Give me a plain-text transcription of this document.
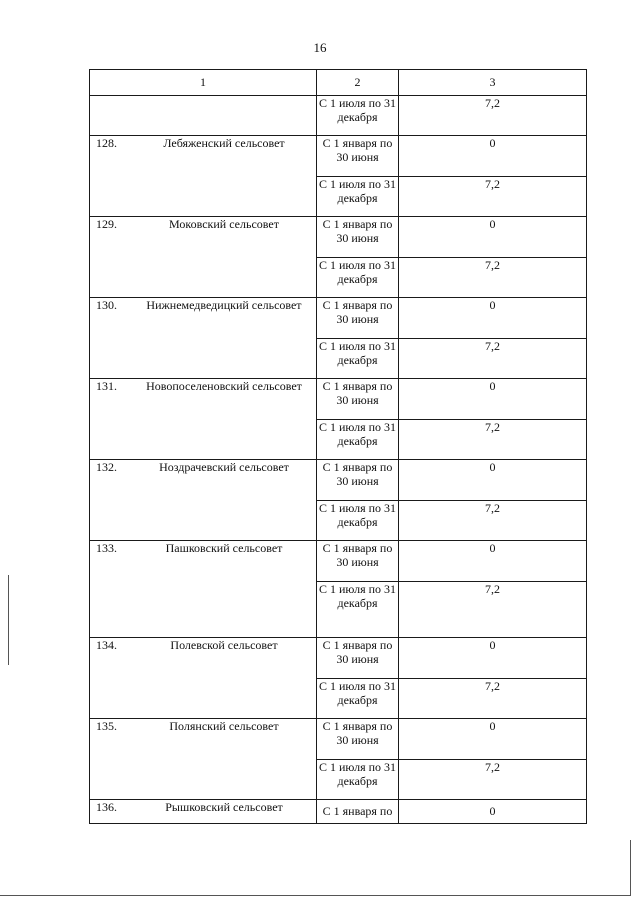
16
1	2	3
	С 1 июля по 31 декабря	7,2

128. Лебяженский сельсовет	С 1 января по 30 июня	0
	С 1 июля по 31 декабря	7,2

129. Моковский сельсовет	С 1 января по 30 июня	0
	С 1 июля по 31 декабря	7,2

130. Нижнемедведицкий сельсовет	С 1 января по 30 июня	0
	С 1 июля по 31 декабря	7,2

131. Новопоселеновский сельсовет	С 1 января по 30 июня	0
	С 1 июля по 31 декабря	7,2

132. Ноздрачевский сельсовет	С 1 января по 30 июня	0
	С 1 июля по 31 декабря	7,2

133. Пашковский сельсовет	С 1 января по 30 июня	0
	С 1 июля по 31 декабря	7,2

134. Полевской сельсовет	С 1 января по 30 июня	0
	С 1 июля по 31 декабря	7,2

135. Полянский сельсовет	С 1 января по 30 июня	0
	С 1 июля по 31 декабря	7,2

136. Рышковский сельсовет	С 1 января по	0
